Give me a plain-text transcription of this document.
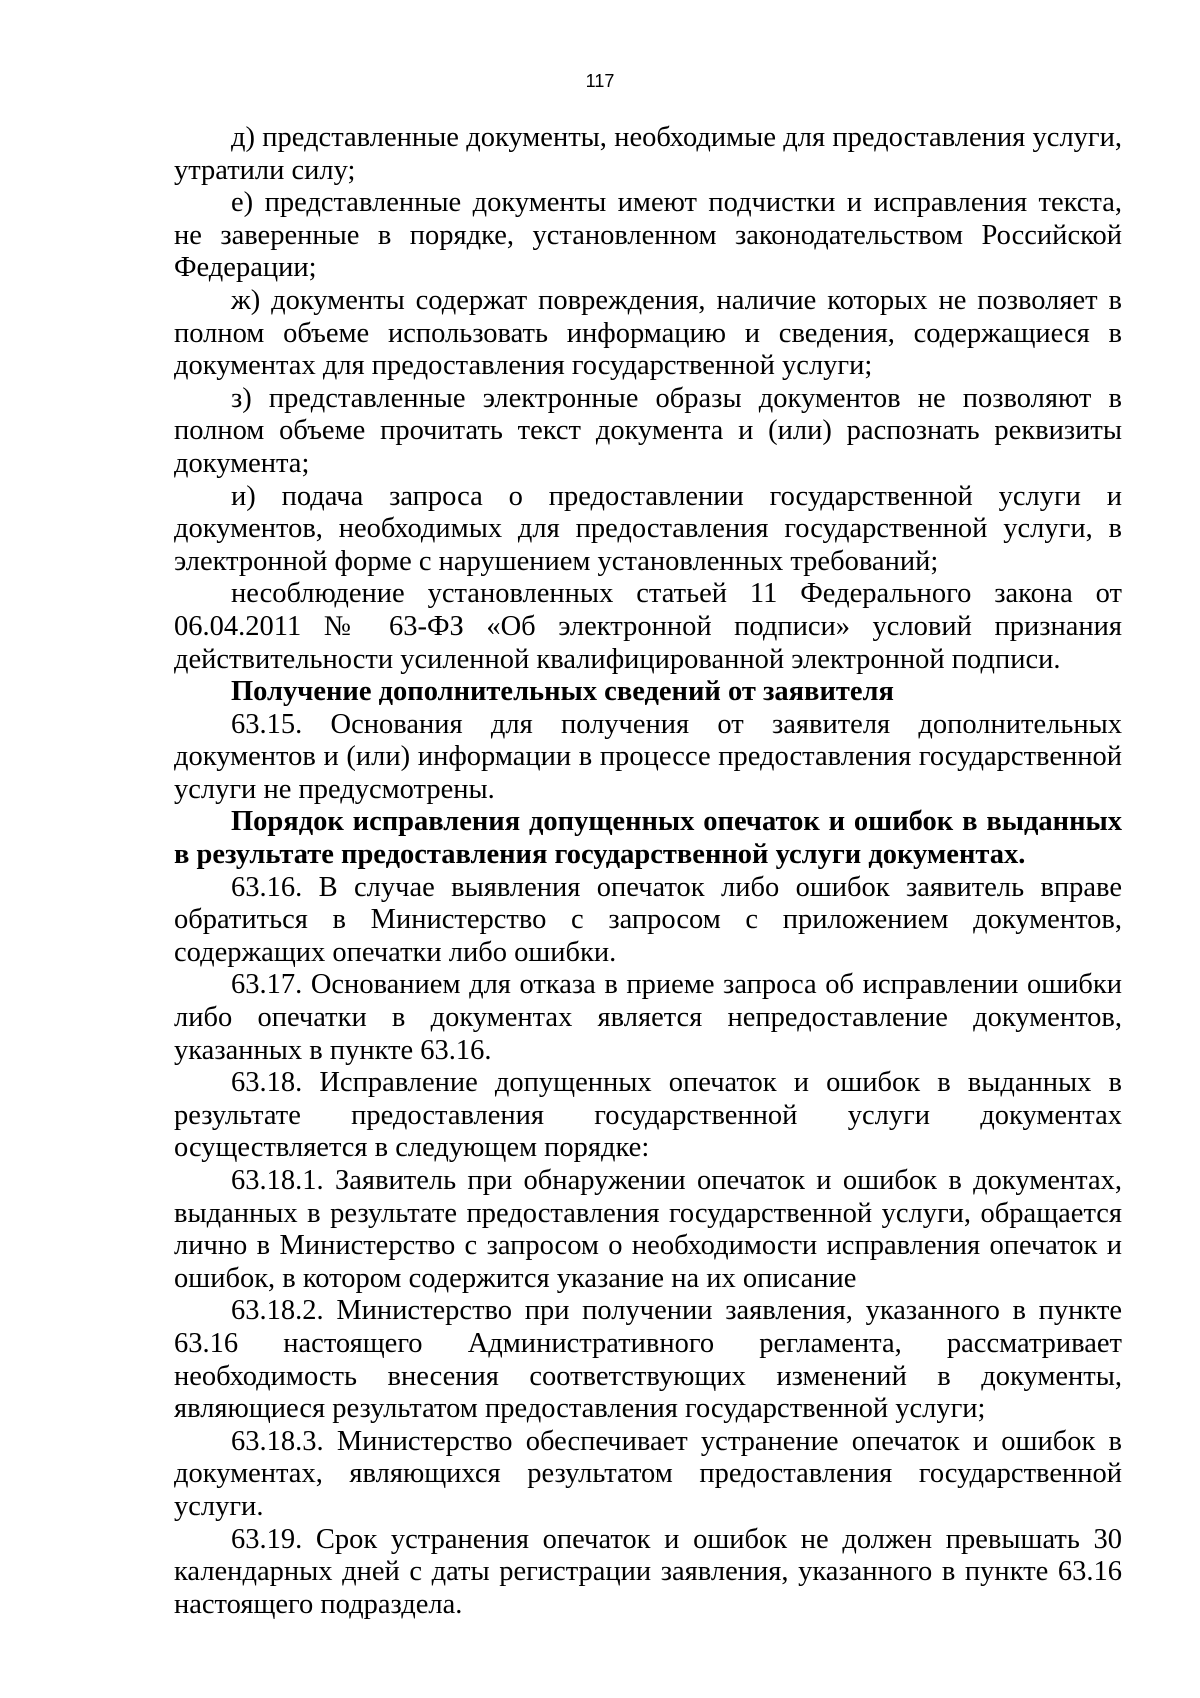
117
д) представленные документы, необходимые для предоставления услуги,
утратили силу;
е) представленные документы имеют подчистки и исправления текста,
не заверенные в порядке, установленном законодательством Российской
Федерации;
ж) документы содержат повреждения, наличие которых не позволяет в
полном объеме использовать информацию и сведения, содержащиеся в
документах для предоставления государственной услуги;
з) представленные электронные образы документов не позволяют в
полном объеме прочитать текст документа и (или) распознать реквизиты
документа;
и) подача запроса о предоставлении государственной услуги и
документов, необходимых для предоставления государственной услуги, в
электронной форме с нарушением установленных требований;
несоблюдение установленных статьей 11 Федерального закона от
06.04.2011 № 63-ФЗ «Об электронной подписи» условий признания
действительности усиленной квалифицированной электронной подписи.
Получение дополнительных сведений от заявителя
63.15. Основания для получения от заявителя дополнительных
документов и (или) информации в процессе предоставления государственной
услуги не предусмотрены.
Порядок исправления допущенных опечаток и ошибок в выданных
в результате предоставления государственной услуги документах.
63.16. В случае выявления опечаток либо ошибок заявитель вправе
обратиться в Министерство с запросом с приложением документов,
содержащих опечатки либо ошибки.
63.17. Основанием для отказа в приеме запроса об исправлении ошибки
либо опечатки в документах является непредоставление документов,
указанных в пункте 63.16.
63.18. Исправление допущенных опечаток и ошибок в выданных в
результате предоставления государственной услуги документах
осуществляется в следующем порядке:
63.18.1. Заявитель при обнаружении опечаток и ошибок в документах,
выданных в результате предоставления государственной услуги, обращается
лично в Министерство с запросом о необходимости исправления опечаток и
ошибок, в котором содержится указание на их описание
63.18.2. Министерство при получении заявления, указанного в пункте
63.16 настоящего Административного регламента, рассматривает
необходимость внесения соответствующих изменений в документы,
являющиеся результатом предоставления государственной услуги;
63.18.3. Министерство обеспечивает устранение опечаток и ошибок в
документах, являющихся результатом предоставления государственной
услуги.
63.19. Срок устранения опечаток и ошибок не должен превышать 30
календарных дней с даты регистрации заявления, указанного в пункте 63.16
настоящего подраздела.
